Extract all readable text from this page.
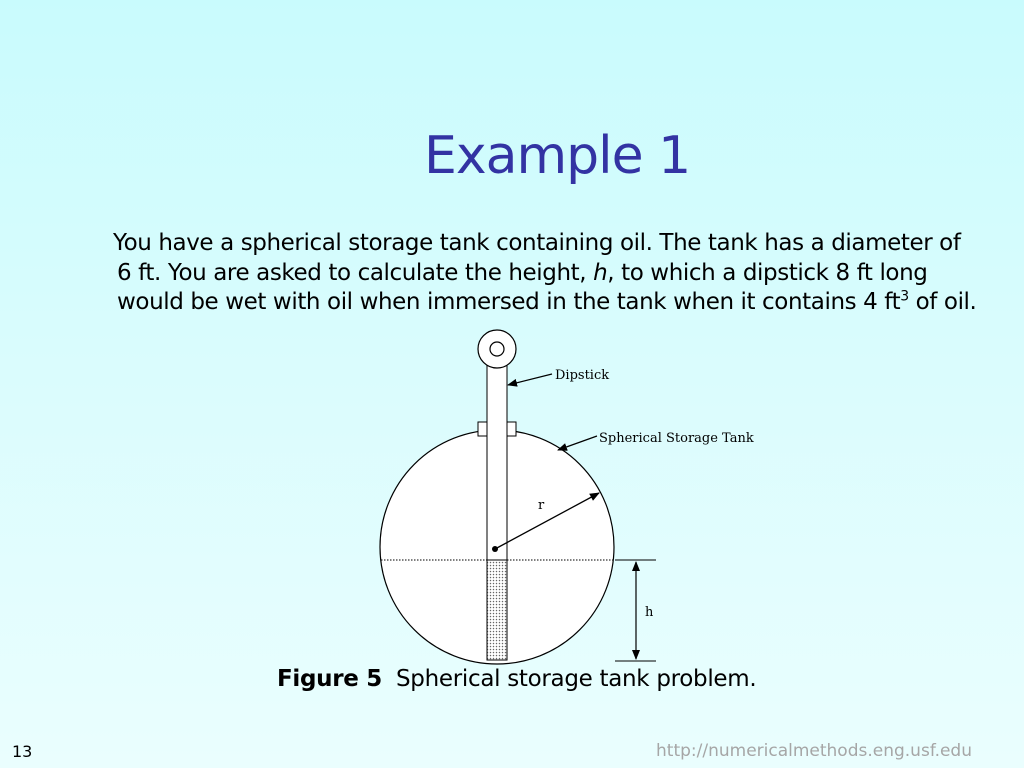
Example 1

You have a spherical storage tank containing oil. The tank has a diameter of 6 ft. You are asked to calculate the height, h, to which a dipstick 8 ft long would be wet with oil when immersed in the tank when it contains 4 $ft^3$ of oil.

r
Dipstick
Spherical Storage Tank
h
Figure 5 Spherical storage tank problem.
13	http://numericalmethods.eng.usf.edu
